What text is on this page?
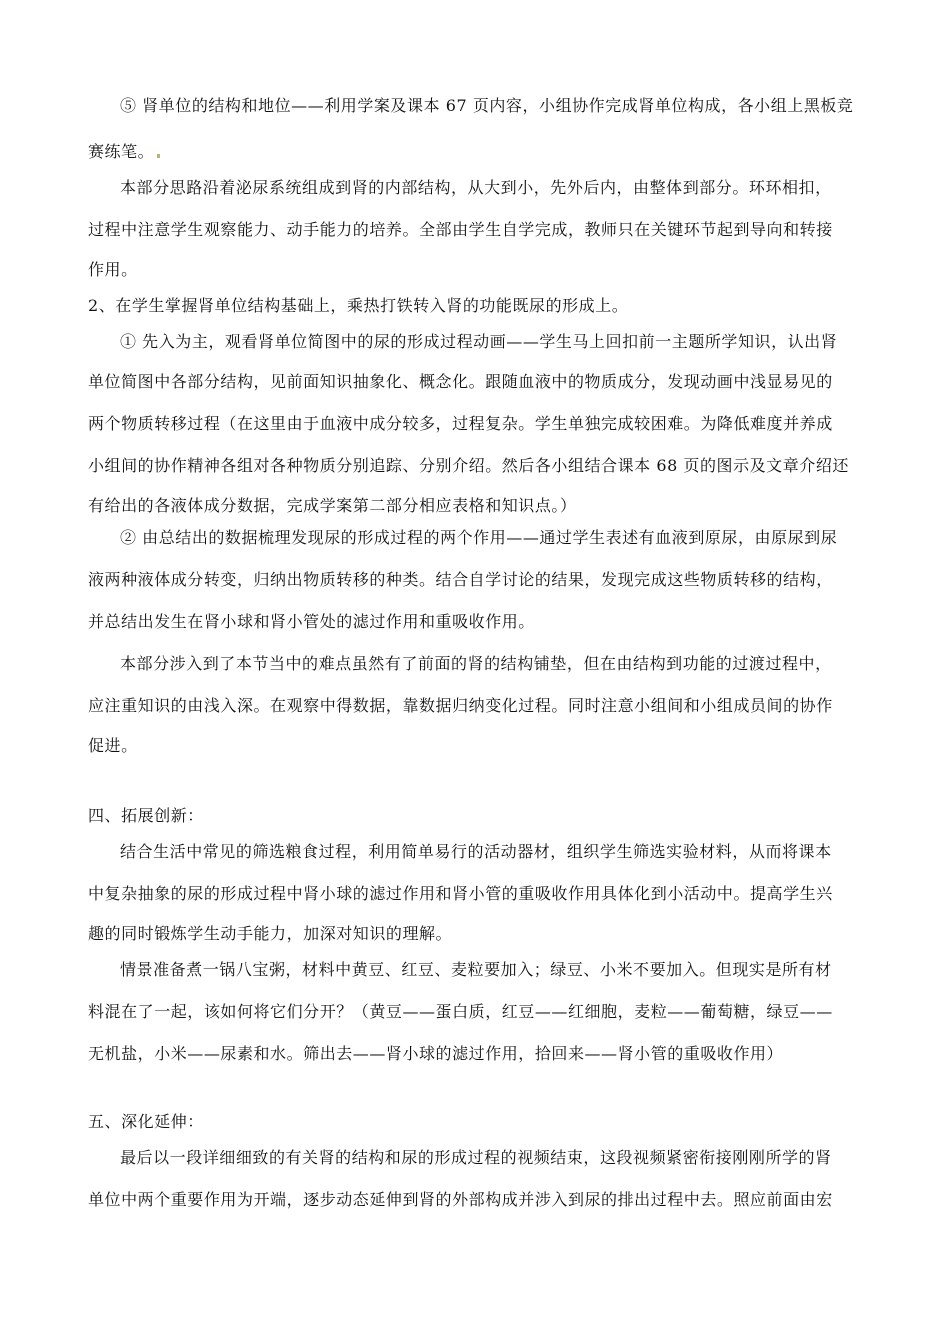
⑤ 肾单位的结构和地位——利用学案及课本 67 页内容，小组协作完成肾单位构成，各小组上黑板竞
赛练笔。
本部分思路沿着泌尿系统组成到肾的内部结构，从大到小，先外后内，由整体到部分。环环相扣，
过程中注意学生观察能力、动手能力的培养。全部由学生自学完成，教师只在关键环节起到导向和转接
作用。
2、在学生掌握肾单位结构基础上，乘热打铁转入肾的功能既尿的形成上。
① 先入为主，观看肾单位简图中的尿的形成过程动画——学生马上回扣前一主题所学知识，认出肾
单位简图中各部分结构，见前面知识抽象化、概念化。跟随血液中的物质成分，发现动画中浅显易见的
两个物质转移过程（在这里由于血液中成分较多，过程复杂。学生单独完成较困难。为降低难度并养成
小组间的协作精神各组对各种物质分别追踪、分别介绍。然后各小组结合课本 68 页的图示及文章介绍还
有给出的各液体成分数据，完成学案第二部分相应表格和知识点。）
② 由总结出的数据梳理发现尿的形成过程的两个作用——通过学生表述有血液到原尿，由原尿到尿
液两种液体成分转变，归纳出物质转移的种类。结合自学讨论的结果，发现完成这些物质转移的结构，
并总结出发生在肾小球和肾小管处的滤过作用和重吸收作用。
本部分涉入到了本节当中的难点虽然有了前面的肾的结构铺垫，但在由结构到功能的过渡过程中，
应注重知识的由浅入深。在观察中得数据，靠数据归纳变化过程。同时注意小组间和小组成员间的协作
促进。
四、拓展创新：
结合生活中常见的筛选粮食过程，利用简单易行的活动器材，组织学生筛选实验材料，从而将课本
中复杂抽象的尿的形成过程中肾小球的滤过作用和肾小管的重吸收作用具体化到小活动中。提高学生兴
趣的同时锻炼学生动手能力，加深对知识的理解。
情景准备煮一锅八宝粥，材料中黄豆、红豆、麦粒要加入；绿豆、小米不要加入。但现实是所有材
料混在了一起，该如何将它们分开？（黄豆——蛋白质，红豆——红细胞，麦粒——葡萄糖，绿豆——
无机盐，小米——尿素和水。筛出去——肾小球的滤过作用，拾回来——肾小管的重吸收作用）
五、深化延伸：
最后以一段详细细致的有关肾的结构和尿的形成过程的视频结束，这段视频紧密衔接刚刚所学的肾
单位中两个重要作用为开端，逐步动态延伸到肾的外部构成并涉入到尿的排出过程中去。照应前面由宏
